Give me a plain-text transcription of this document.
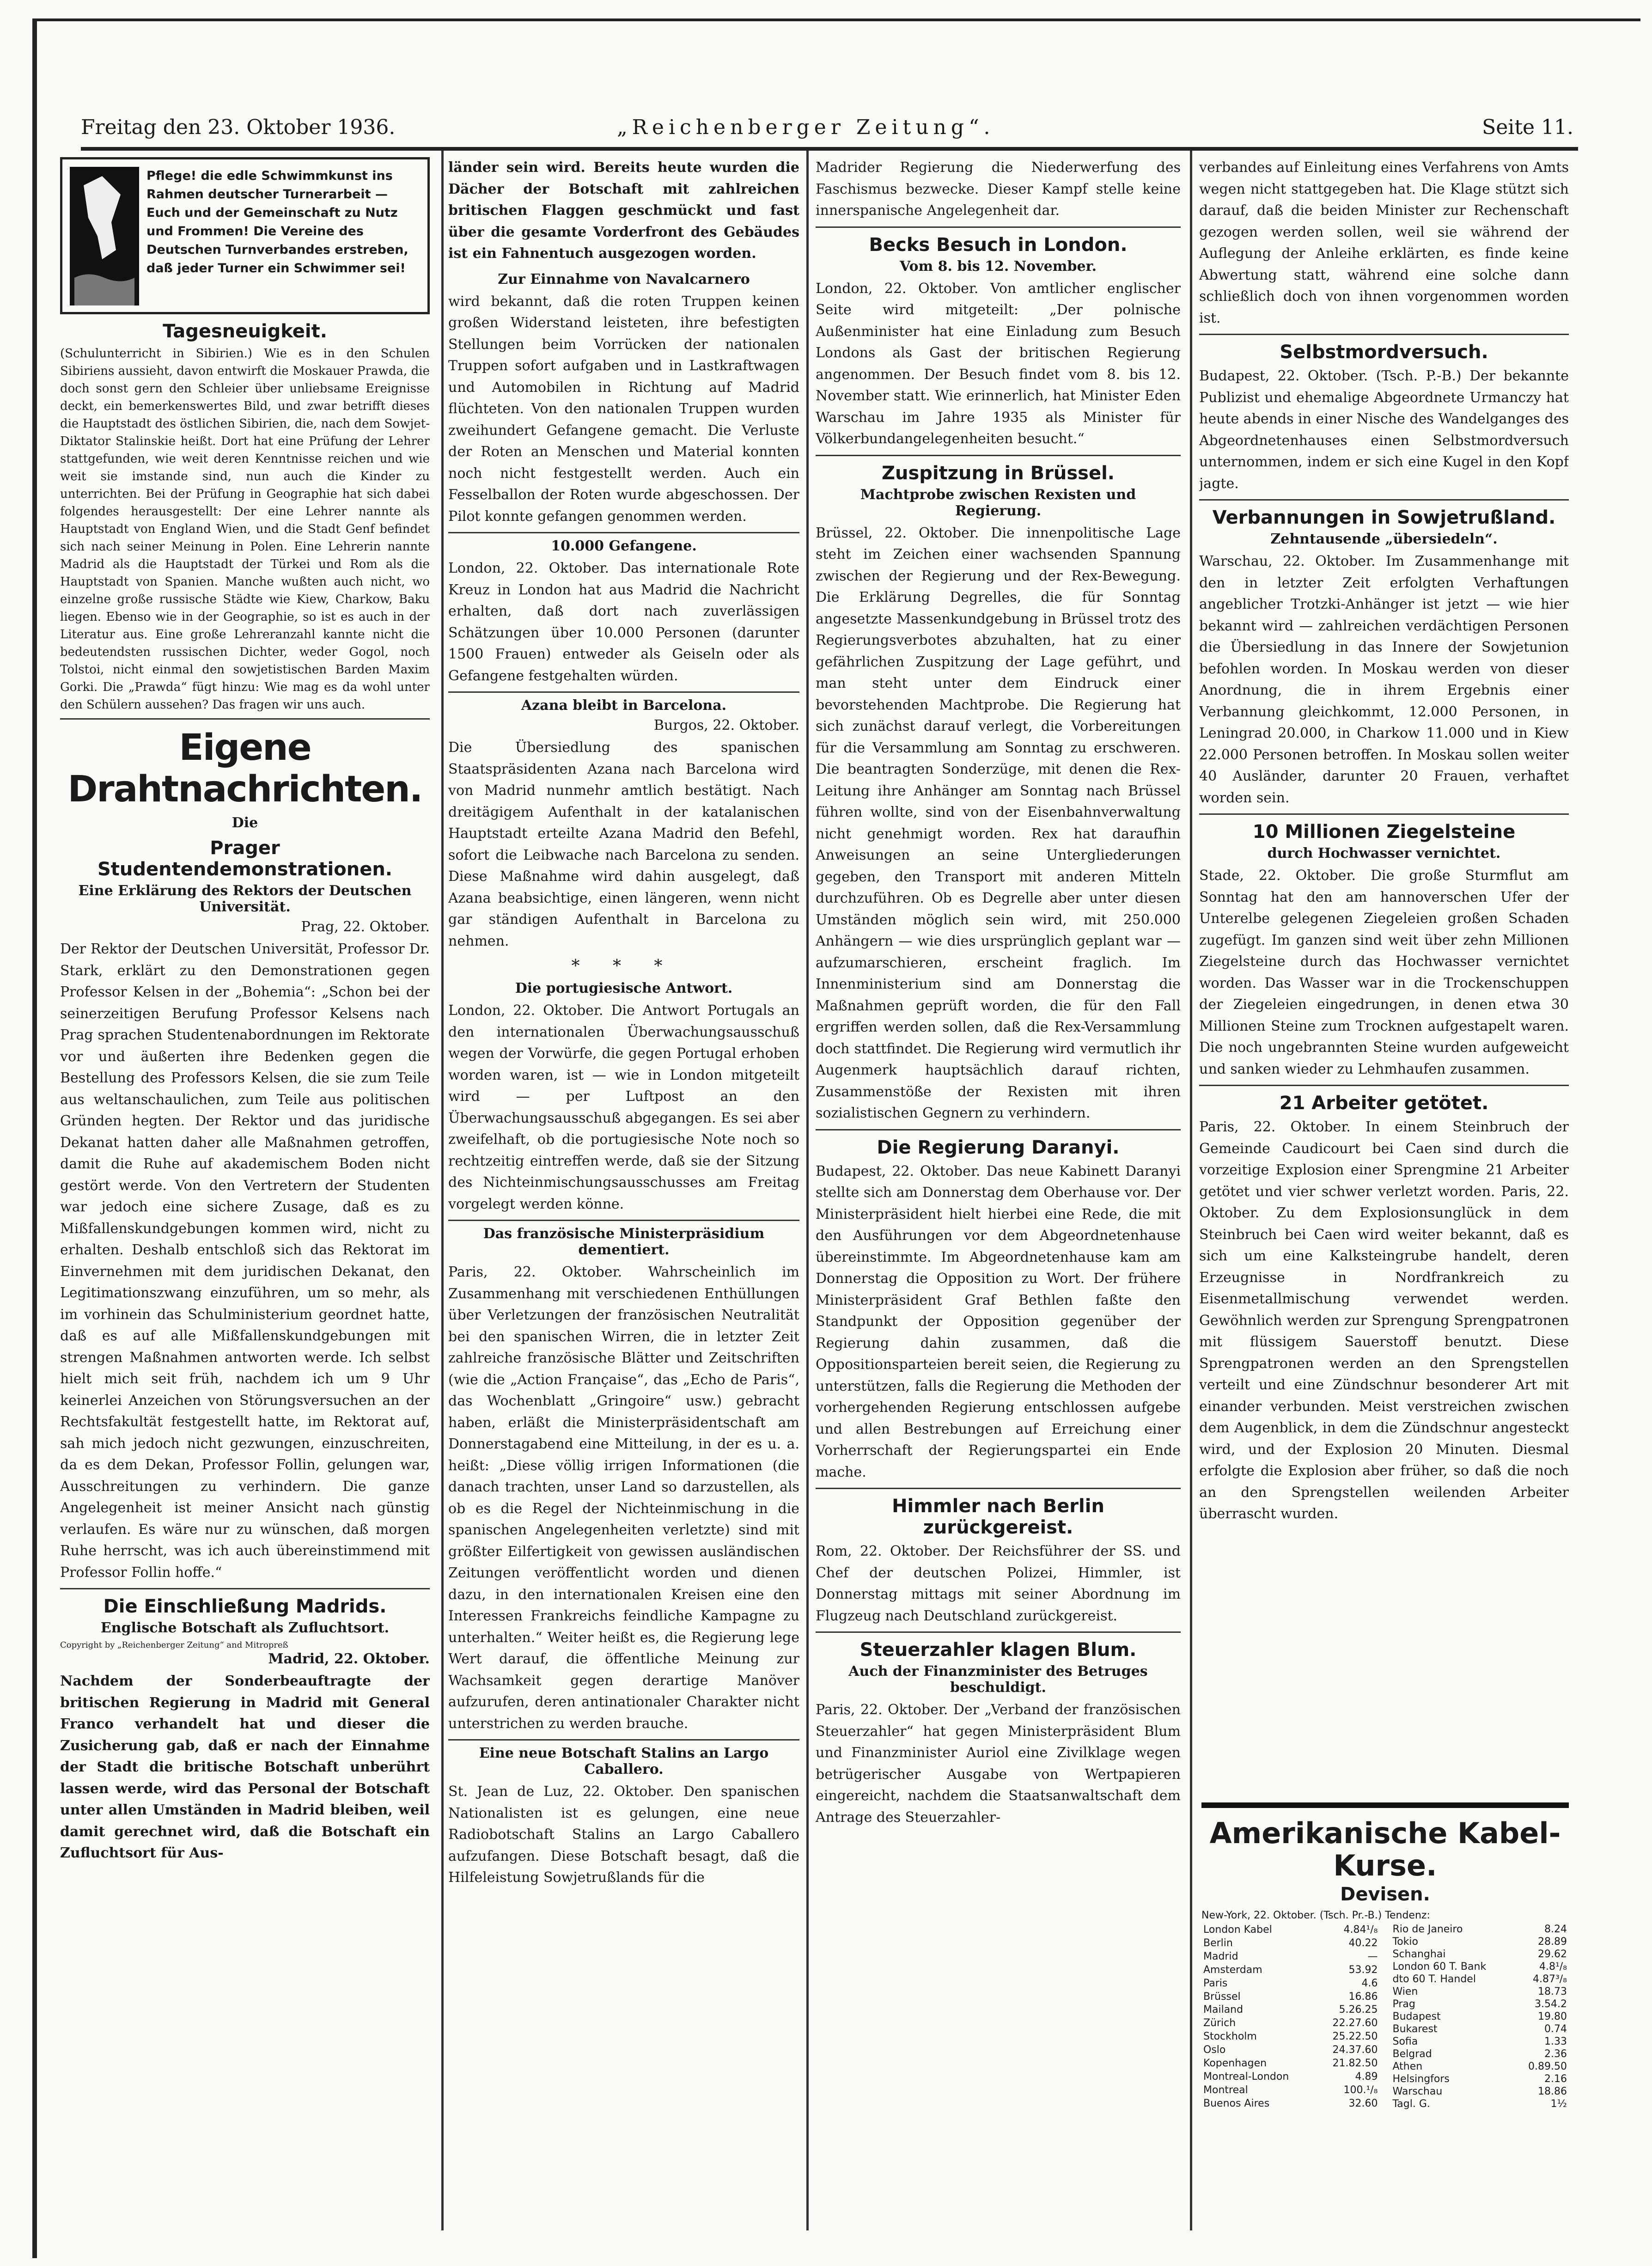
Freitag den 23. Oktober 1936.	„Reichenberger Zeitung“.	Seite 11.
Pflege! die edle Schwimmkunst ins Rahmen deutscher Turnerarbeit — Euch und der Gemeinschaft zu Nutz und Frommen! Die Vereine des Deutschen Turnverbandes erstreben, daß jeder Turner ein Schwimmer sei!
Tagesneuigkeit.
(Schulunterricht in Sibirien.) Wie es in den Schulen Sibiriens aussieht, davon entwirft die Moskauer Prawda, die doch sonst gern den Schleier über unliebsame Ereignisse deckt, ein bemerkenswertes Bild, und zwar betrifft dieses die Hauptstadt des östlichen Sibirien, die, nach dem Sowjet-Diktator Stalinskie heißt. Dort hat eine Prüfung der Lehrer stattgefunden, wie weit deren Kenntnisse reichen und wie weit sie imstande sind, nun auch die Kinder zu unterrichten. Bei der Prüfung in Geographie hat sich dabei folgendes herausgestellt: Der eine Lehrer nannte als Hauptstadt von England Wien, und die Stadt Genf befindet sich nach seiner Meinung in Polen. Eine Lehrerin nannte Madrid als die Hauptstadt der Türkei und Rom als die Hauptstadt von Spanien. Manche wußten auch nicht, wo einzelne große russische Städte wie Kiew, Charkow, Baku liegen. Ebenso wie in der Geographie, so ist es auch in der Literatur aus. Eine große Lehreranzahl kannte nicht die bedeutendsten russischen Dichter, weder Gogol, noch Tolstoi, nicht einmal den sowjetistischen Barden Maxim Gorki. Die „Prawda“ fügt hinzu: Wie mag es da wohl unter den Schülern aussehen? Das fragen wir uns auch.
Eigene Drahtnachrichten.
Die
Prager Studentendemonstrationen.
Eine Erklärung des Rektors der Deutschen Universität.
Prag, 22. Oktober.
Der Rektor der Deutschen Universität, Professor Dr. Stark, erklärt zu den Demonstrationen gegen Professor Kelsen in der „Bohemia“: „Schon bei der seinerzeitigen Berufung Professor Kelsens nach Prag sprachen Studentenabordnungen im Rektorate vor und äußerten ihre Bedenken gegen die Bestellung des Professors Kelsen, die sie zum Teile aus weltanschaulichen, zum Teile aus politischen Gründen hegten. Der Rektor und das juridische Dekanat hatten daher alle Maßnahmen getroffen, damit die Ruhe auf akademischem Boden nicht gestört werde. Von den Vertretern der Studenten war jedoch eine sichere Zusage, daß es zu Mißfallenskundgebungen kommen wird, nicht zu erhalten. Deshalb entschloß sich das Rektorat im Einvernehmen mit dem juridischen Dekanat, den Legitimationszwang einzuführen, um so mehr, als im vorhinein das Schulministerium geordnet hatte, daß es auf alle Mißfallenskundgebungen mit strengen Maßnahmen antworten werde. Ich selbst hielt mich seit früh, nachdem ich um 9 Uhr keinerlei Anzeichen von Störungsversuchen an der Rechtsfakultät festgestellt hatte, im Rektorat auf, sah mich jedoch nicht gezwungen, einzuschreiten, da es dem Dekan, Professor Follin, gelungen war, Ausschreitungen zu verhindern. Die ganze Angelegenheit ist meiner Ansicht nach günstig verlaufen. Es wäre nur zu wünschen, daß morgen Ruhe herrscht, was ich auch übereinstimmend mit Professor Follin hoffe.“
Die Einschließung Madrids.
Englische Botschaft als Zufluchtsort.
Copyright by „Reichenberger Zeitung“ and Mitropreß
Madrid, 22. Oktober.
Nachdem der Sonderbeauftragte der britischen Regierung in Madrid mit General Franco verhandelt hat und dieser die Zusicherung gab, daß er nach der Einnahme der Stadt die britische Botschaft unberührt lassen werde, wird das Personal der Botschaft unter allen Umständen in Madrid bleiben, weil damit gerechnet wird, daß die Botschaft ein Zufluchtsort für Aus-
länder sein wird. Bereits heute wurden die Dächer der Botschaft mit zahlreichen britischen Flaggen geschmückt und fast über die gesamte Vorderfront des Gebäudes ist ein Fahnentuch ausgezogen worden.
Zur Einnahme von Navalcarnero
wird bekannt, daß die roten Truppen keinen großen Widerstand leisteten, ihre befestigten Stellungen beim Vorrücken der nationalen Truppen sofort aufgaben und in Lastkraftwagen und Automobilen in Richtung auf Madrid flüchteten. Von den nationalen Truppen wurden zweihundert Gefangene gemacht. Die Verluste der Roten an Menschen und Material konnten noch nicht festgestellt werden. Auch ein Fesselballon der Roten wurde abgeschossen. Der Pilot konnte gefangen genommen werden.
10.000 Gefangene.
London, 22. Oktober. Das internationale Rote Kreuz in London hat aus Madrid die Nachricht erhalten, daß dort nach zuverlässigen Schätzungen über 10.000 Personen (darunter 1500 Frauen) entweder als Geiseln oder als Gefangene festgehalten würden.
Azana bleibt in Barcelona.
Burgos, 22. Oktober.
Die Übersiedlung des spanischen Staatspräsidenten Azana nach Barcelona wird von Madrid nunmehr amtlich bestätigt. Nach dreitägigem Aufenthalt in der katalanischen Hauptstadt erteilte Azana Madrid den Befehl, sofort die Leibwache nach Barcelona zu senden. Diese Maßnahme wird dahin ausgelegt, daß Azana beabsichtige, einen längeren, wenn nicht gar ständigen Aufenthalt in Barcelona zu nehmen.
* * *
Die portugiesische Antwort.
London, 22. Oktober. Die Antwort Portugals an den internationalen Überwachungsausschuß wegen der Vorwürfe, die gegen Portugal erhoben worden waren, ist — wie in London mitgeteilt wird — per Luftpost an den Überwachungsausschuß abgegangen. Es sei aber zweifelhaft, ob die portugiesische Note noch so rechtzeitig eintreffen werde, daß sie der Sitzung des Nichteinmischungsausschusses am Freitag vorgelegt werden könne.
Das französische Ministerpräsidium dementiert.
Paris, 22. Oktober. Wahrscheinlich im Zusammenhang mit verschiedenen Enthüllungen über Verletzungen der französischen Neutralität bei den spanischen Wirren, die in letzter Zeit zahlreiche französische Blätter und Zeitschriften (wie die „Action Française“, das „Echo de Paris“, das Wochenblatt „Gringoire“ usw.) gebracht haben, erläßt die Ministerpräsidentschaft am Donnerstagabend eine Mitteilung, in der es u. a. heißt: „Diese völlig irrigen Informationen (die danach trachten, unser Land so darzustellen, als ob es die Regel der Nichteinmischung in die spanischen Angelegenheiten verletzte) sind mit größter Eilfertigkeit von gewissen ausländischen Zeitungen veröffentlicht worden und dienen dazu, in den internationalen Kreisen eine den Interessen Frankreichs feindliche Kampagne zu unterhalten.“ Weiter heißt es, die Regierung lege Wert darauf, die öffentliche Meinung zur Wachsamkeit gegen derartige Manöver aufzurufen, deren antinationaler Charakter nicht unterstrichen zu werden brauche.
Eine neue Botschaft Stalins an Largo Caballero.
St. Jean de Luz, 22. Oktober. Den spanischen Nationalisten ist es gelungen, eine neue Radiobotschaft Stalins an Largo Caballero aufzufangen. Diese Botschaft besagt, daß die Hilfeleistung Sowjetrußlands für die
Madrider Regierung die Niederwerfung des Faschismus bezwecke. Dieser Kampf stelle keine innerspanische Angelegenheit dar.
Becks Besuch in London.
Vom 8. bis 12. November.
London, 22. Oktober. Von amtlicher englischer Seite wird mitgeteilt: „Der polnische Außenminister hat eine Einladung zum Besuch Londons als Gast der britischen Regierung angenommen. Der Besuch findet vom 8. bis 12. November statt. Wie erinnerlich, hat Minister Eden Warschau im Jahre 1935 als Minister für Völkerbundangelegenheiten besucht.“
Zuspitzung in Brüssel.
Machtprobe zwischen Rexisten und Regierung.
Brüssel, 22. Oktober. Die innenpolitische Lage steht im Zeichen einer wachsenden Spannung zwischen der Regierung und der Rex-Bewegung. Die Erklärung Degrelles, die für Sonntag angesetzte Massenkundgebung in Brüssel trotz des Regierungsverbotes abzuhalten, hat zu einer gefährlichen Zuspitzung der Lage geführt, und man steht unter dem Eindruck einer bevorstehenden Machtprobe. Die Regierung hat sich zunächst darauf verlegt, die Vorbereitungen für die Versammlung am Sonntag zu erschweren. Die beantragten Sonderzüge, mit denen die Rex-Leitung ihre Anhänger am Sonntag nach Brüssel führen wollte, sind von der Eisenbahnverwaltung nicht genehmigt worden. Rex hat daraufhin Anweisungen an seine Untergliederungen gegeben, den Transport mit anderen Mitteln durchzuführen. Ob es Degrelle aber unter diesen Umständen möglich sein wird, mit 250.000 Anhängern — wie dies ursprünglich geplant war — aufzumarschieren, erscheint fraglich. Im Innenministerium sind am Donnerstag die Maßnahmen geprüft worden, die für den Fall ergriffen werden sollen, daß die Rex-Versammlung doch stattfindet. Die Regierung wird vermutlich ihr Augenmerk hauptsächlich darauf richten, Zusammenstöße der Rexisten mit ihren sozialistischen Gegnern zu verhindern.
Die Regierung Daranyi.
Budapest, 22. Oktober. Das neue Kabinett Daranyi stellte sich am Donnerstag dem Oberhause vor. Der Ministerpräsident hielt hierbei eine Rede, die mit den Ausführungen vor dem Abgeordnetenhause übereinstimmte. Im Abgeordnetenhause kam am Donnerstag die Opposition zu Wort. Der frühere Ministerpräsident Graf Bethlen faßte den Standpunkt der Opposition gegenüber der Regierung dahin zusammen, daß die Oppositionsparteien bereit seien, die Regierung zu unterstützen, falls die Regierung die Methoden der vorhergehenden Regierung entschlossen aufgebe und allen Bestrebungen auf Erreichung einer Vorherrschaft der Regierungspartei ein Ende mache.
Himmler nach Berlin zurückgereist.
Rom, 22. Oktober. Der Reichsführer der SS. und Chef der deutschen Polizei, Himmler, ist Donnerstag mittags mit seiner Abordnung im Flugzeug nach Deutschland zurückgereist.
Steuerzahler klagen Blum.
Auch der Finanzminister des Betruges beschuldigt.
Paris, 22. Oktober. Der „Verband der französischen Steuerzahler“ hat gegen Ministerpräsident Blum und Finanzminister Auriol eine Zivilklage wegen betrügerischer Ausgabe von Wertpapieren eingereicht, nachdem die Staatsanwaltschaft dem Antrage des Steuerzahler-
verbandes auf Einleitung eines Verfahrens von Amts wegen nicht stattgegeben hat. Die Klage stützt sich darauf, daß die beiden Minister zur Rechenschaft gezogen werden sollen, weil sie während der Auflegung der Anleihe erklärten, es finde keine Abwertung statt, während eine solche dann schließlich doch von ihnen vorgenommen worden ist.
Selbstmordversuch.
Budapest, 22. Oktober. (Tsch. P.-B.) Der bekannte Publizist und ehemalige Abgeordnete Urmanczy hat heute abends in einer Nische des Wandelganges des Abgeordnetenhauses einen Selbstmordversuch unternommen, indem er sich eine Kugel in den Kopf jagte.
Verbannungen in Sowjetrußland.
Zehntausende „übersiedeln“.
Warschau, 22. Oktober. Im Zusammenhange mit den in letzter Zeit erfolgten Verhaftungen angeblicher Trotzki-Anhänger ist jetzt — wie hier bekannt wird — zahlreichen verdächtigen Personen die Übersiedlung in das Innere der Sowjetunion befohlen worden. In Moskau werden von dieser Anordnung, die in ihrem Ergebnis einer Verbannung gleichkommt, 12.000 Personen, in Leningrad 20.000, in Charkow 11.000 und in Kiew 22.000 Personen betroffen. In Moskau sollen weiter 40 Ausländer, darunter 20 Frauen, verhaftet worden sein.
10 Millionen Ziegelsteine
durch Hochwasser vernichtet.
Stade, 22. Oktober. Die große Sturmflut am Sonntag hat den am hannoverschen Ufer der Unterelbe gelegenen Ziegeleien großen Schaden zugefügt. Im ganzen sind weit über zehn Millionen Ziegelsteine durch das Hochwasser vernichtet worden. Das Wasser war in die Trockenschuppen der Ziegeleien eingedrungen, in denen etwa 30 Millionen Steine zum Trocknen aufgestapelt waren. Die noch ungebrannten Steine wurden aufgeweicht und sanken wieder zu Lehmhaufen zusammen.
21 Arbeiter getötet.
Paris, 22. Oktober. In einem Steinbruch der Gemeinde Caudicourt bei Caen sind durch die vorzeitige Explosion einer Sprengmine 21 Arbeiter getötet und vier schwer verletzt worden. Paris, 22. Oktober. Zu dem Explosionsunglück in dem Steinbruch bei Caen wird weiter bekannt, daß es sich um eine Kalksteingrube handelt, deren Erzeugnisse in Nordfrankreich zu Eisenmetallmischung verwendet werden. Gewöhnlich werden zur Sprengung Sprengpatronen mit flüssigem Sauerstoff benutzt. Diese Sprengpatronen werden an den Sprengstellen verteilt und eine Zündschnur besonderer Art mit einander verbunden. Meist verstreichen zwischen dem Augenblick, in dem die Zündschnur angesteckt wird, und der Explosion 20 Minuten. Diesmal erfolgte die Explosion aber früher, so daß die noch an den Sprengstellen weilenden Arbeiter überrascht wurden.
Amerikanische Kabel-Kurse.
Devisen.
New-York, 22. Oktober. (Tsch. Pr.-B.) Tendenz:
London Kabel	4.84¹/₈
Berlin	40.22
Madrid	—
Amsterdam	53.92
Paris	4.6
Brüssel	16.86
Mailand	5.26.25
Zürich	22.27.60
Stockholm	25.22.50
Oslo	24.37.60
Kopenhagen	21.82.50
Montreal-London	4.89
Montreal	100.¹/₈
Buenos Aires	32.60
Rio de Janeiro	8.24
Tokio	28.89
Schanghai	29.62
London 60 T. Bank	4.8¹/₈
dto 60 T. Handel	4.87³/₈
Wien	18.73
Prag	3.54.2
Budapest	19.80
Bukarest	0.74
Sofia	1.33
Belgrad	2.36
Athen	0.89.50
Helsingfors	2.16
Warschau	18.86
Tagl. G.	1½
